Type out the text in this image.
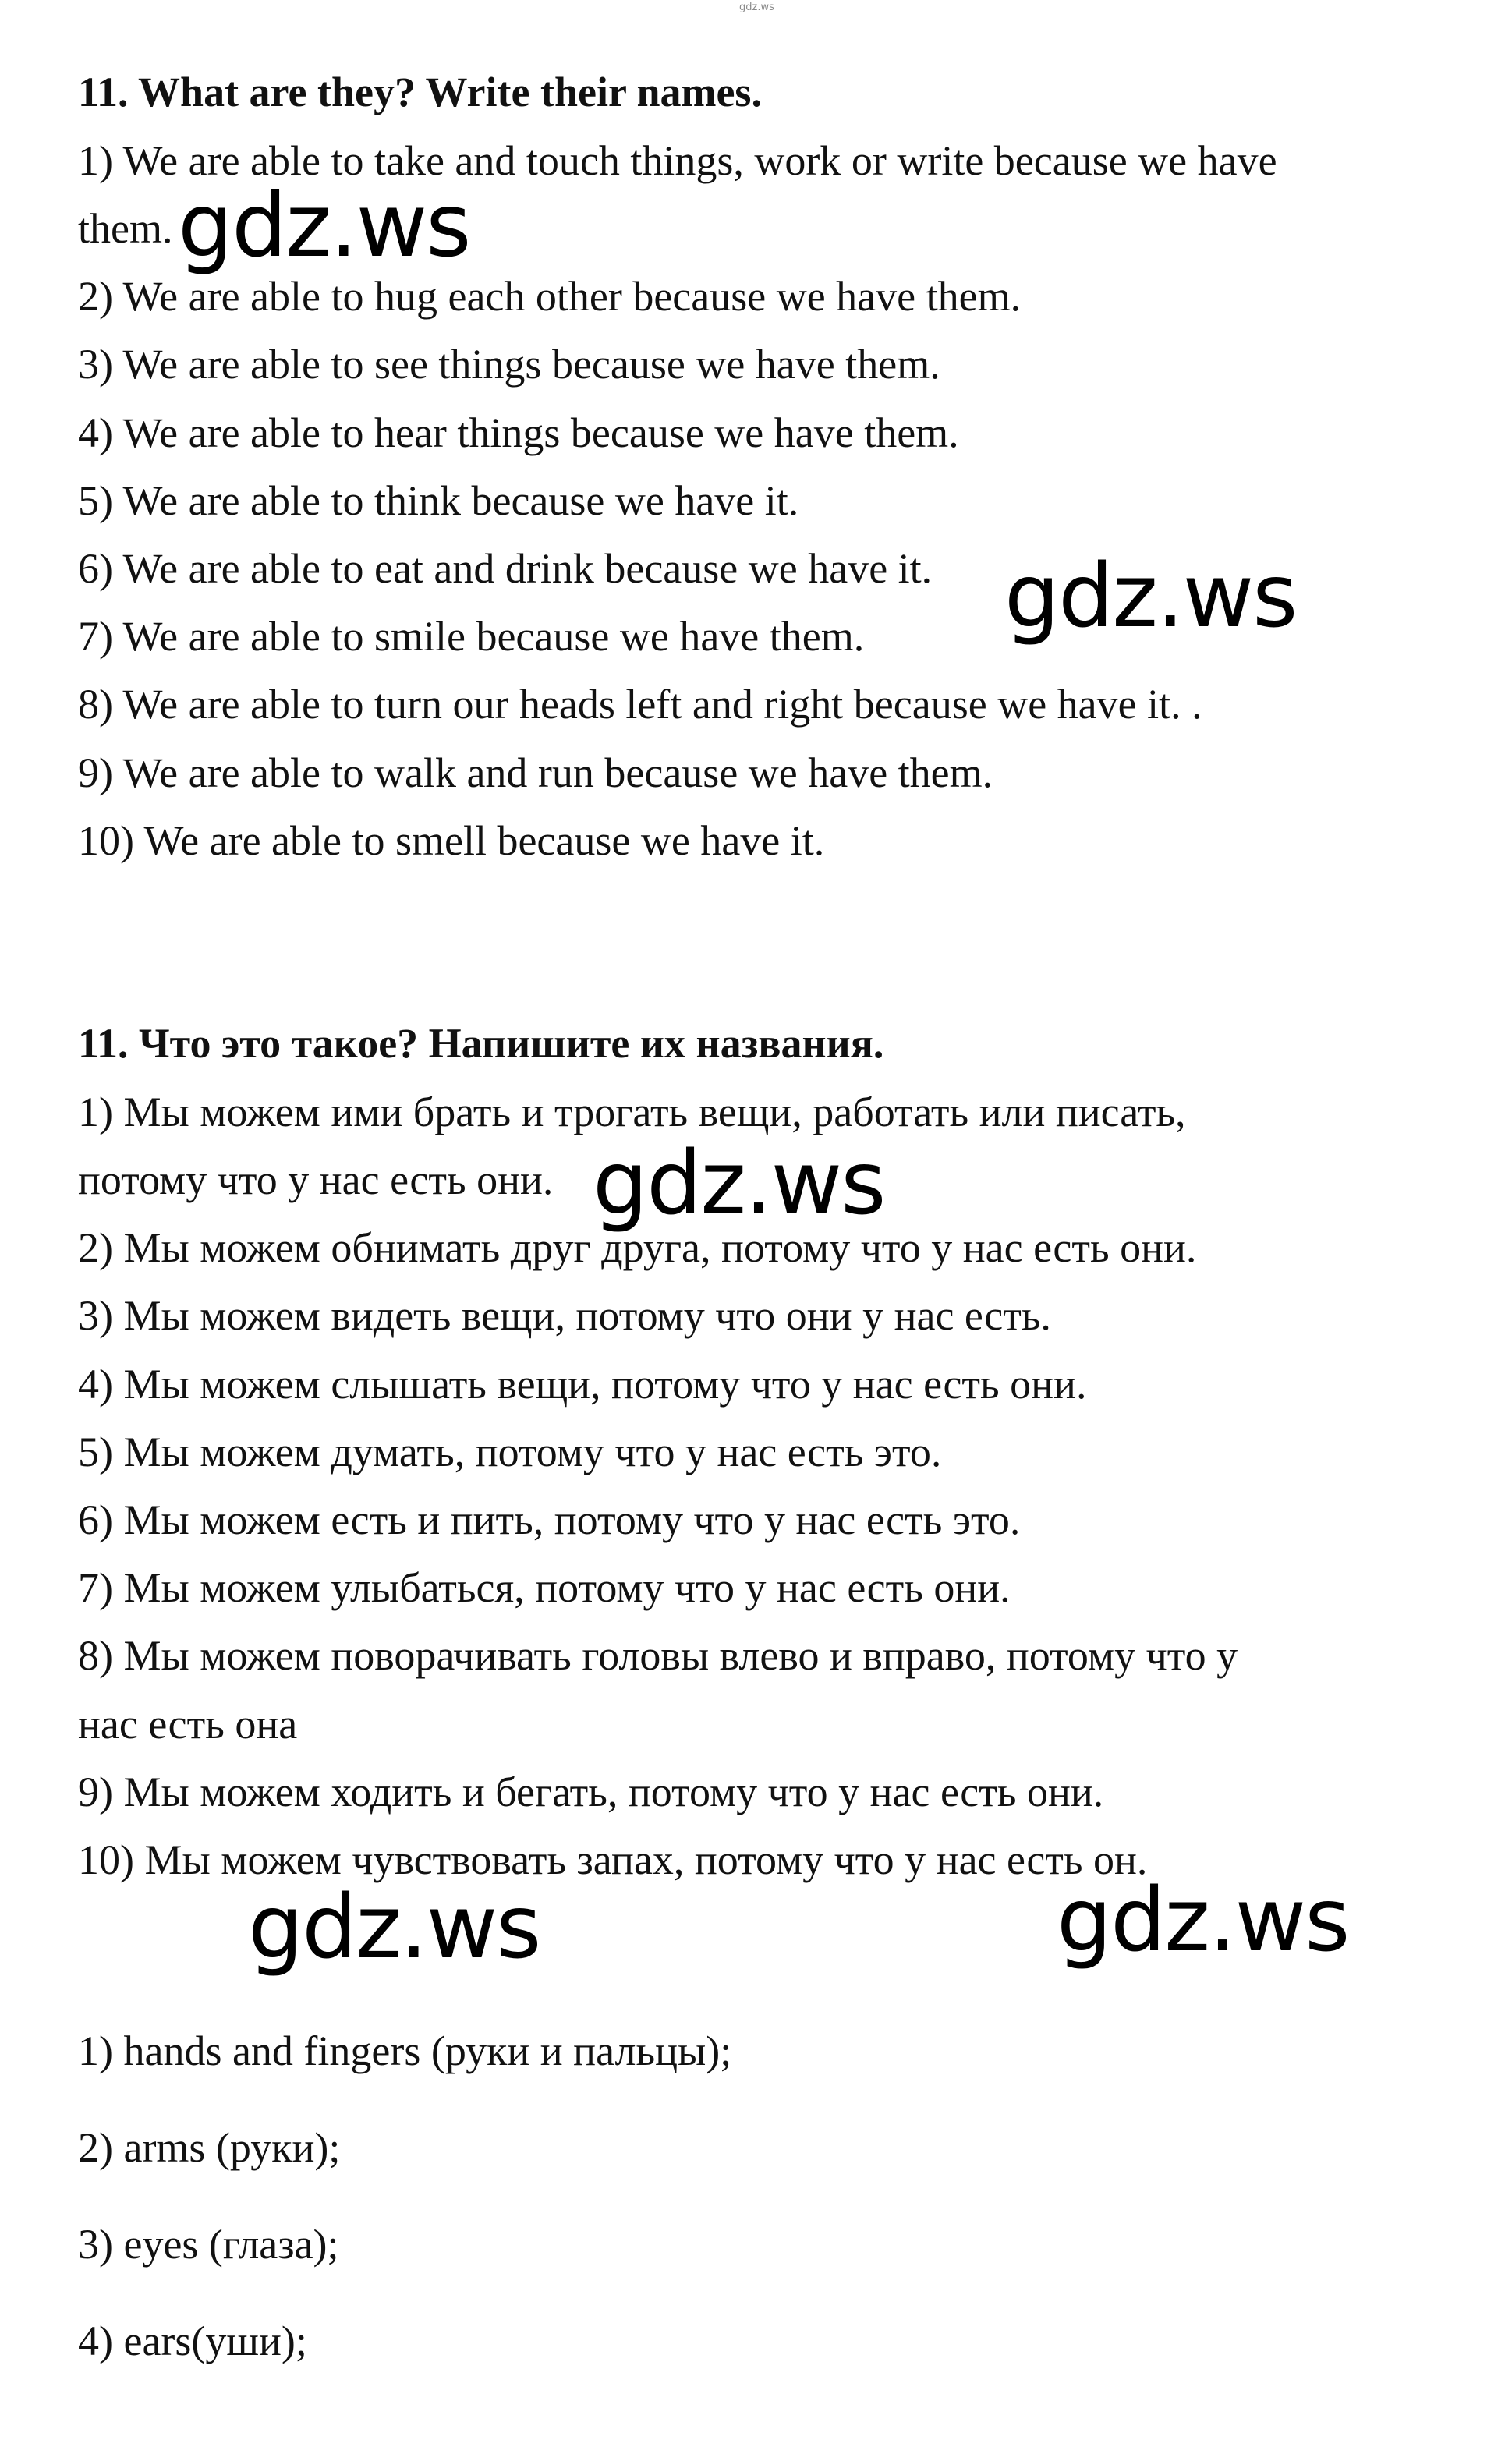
gdz.ws
11. What are they? Write their names.
1) We are able to take and touch things, work or write because we have
them.
2) We are able to hug each other because we have them.
3) We are able to see things because we have them.
4) We are able to hear things because we have them.
5) We are able to think because we have it.
6) We are able to eat and drink because we have it.
7) We are able to smile because we have them.
8) We are able to turn our heads left and right because we have it. .
9) We are able to walk and run because we have them.
10) We are able to smell because we have it.
11. Что это такое? Напишите их названия.
1) Мы можем ими брать и трогать вещи, работать или писать,
потому что у нас есть они.
2) Мы можем обнимать друг друга, потому что у нас есть они.
3) Мы можем видеть вещи, потому что они у нас есть.
4) Мы можем слышать вещи, потому что у нас есть они.
5) Мы можем думать, потому что у нас есть это.
6) Мы можем есть и пить, потому что у нас есть это.
7) Мы можем улыбаться, потому что у нас есть они.
8) Мы можем поворачивать головы влево и вправо, потому что у
нас есть она
9) Мы можем ходить и бегать, потому что у нас есть они.
10) Мы можем чувствовать запах, потому что у нас есть он.
1) hands and fingers (руки и пальцы);
2) arms (руки);
3) eyes (глаза);
4) ears(уши);
gdz.ws
gdz.ws
gdz.ws
gdz.ws	gdz.ws
